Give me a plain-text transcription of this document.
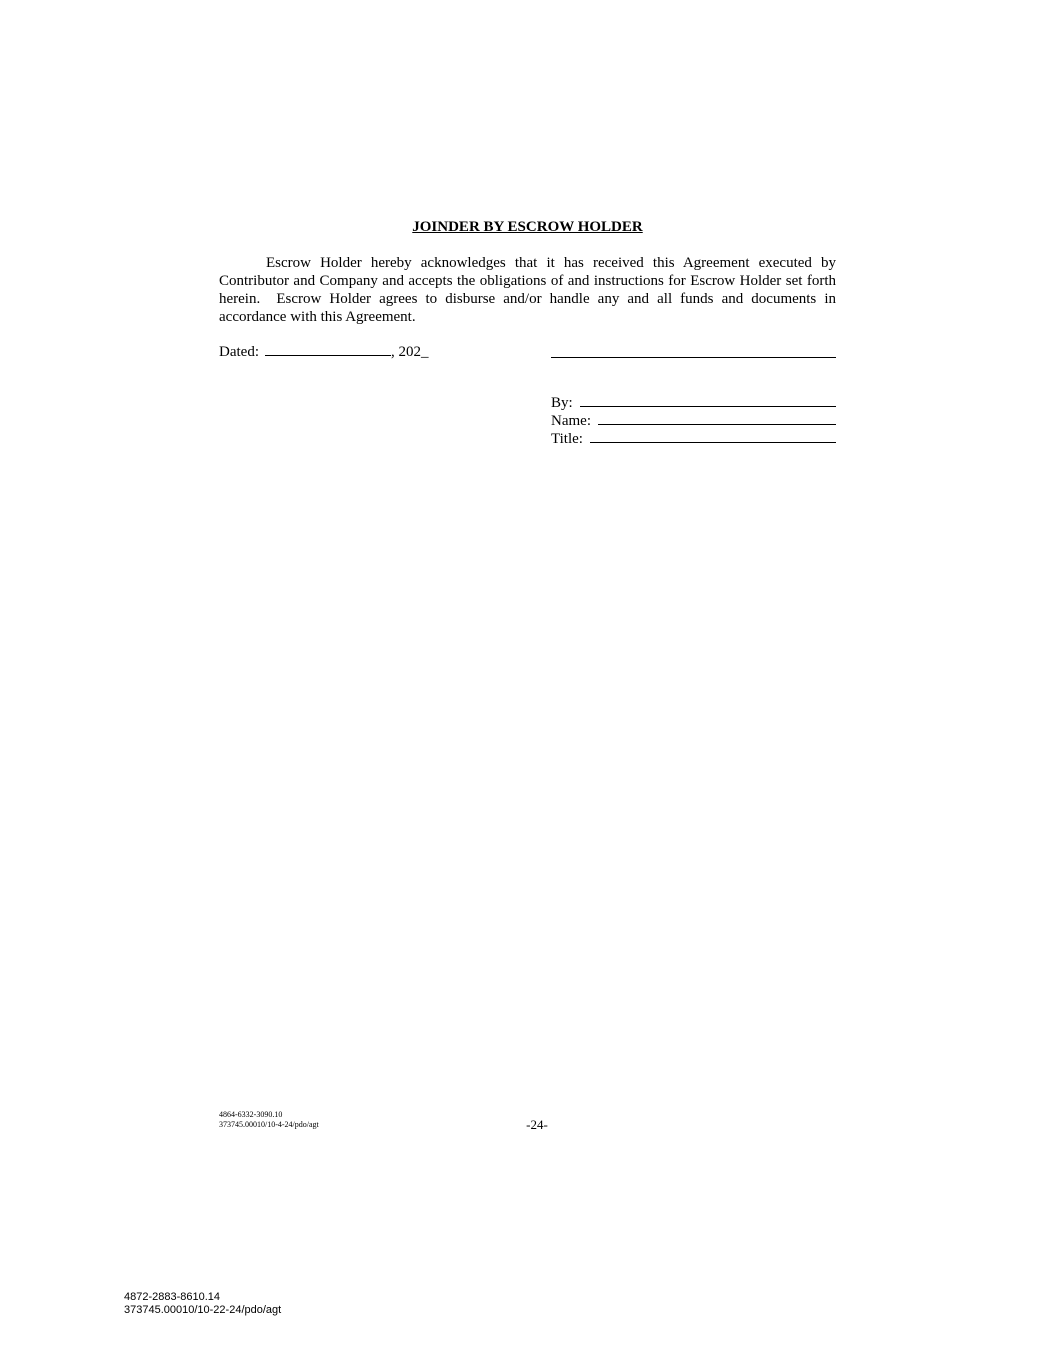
JOINDER BY ESCROW HOLDER

Escrow Holder hereby acknowledges that it has received this Agreement executed by Contributor and Company and accepts the obligations of and instructions for Escrow Holder set forth herein.  Escrow Holder agrees to disburse and/or handle any and all funds and documents in accordance with this Agreement.

Dated:	, 202_
By:
Name:
Title:
4864-6332-3090.10
373745.00010/10-4-24/pdo/agt	-24-
4872-2883-8610.14
373745.00010/10-22-24/pdo/agt
